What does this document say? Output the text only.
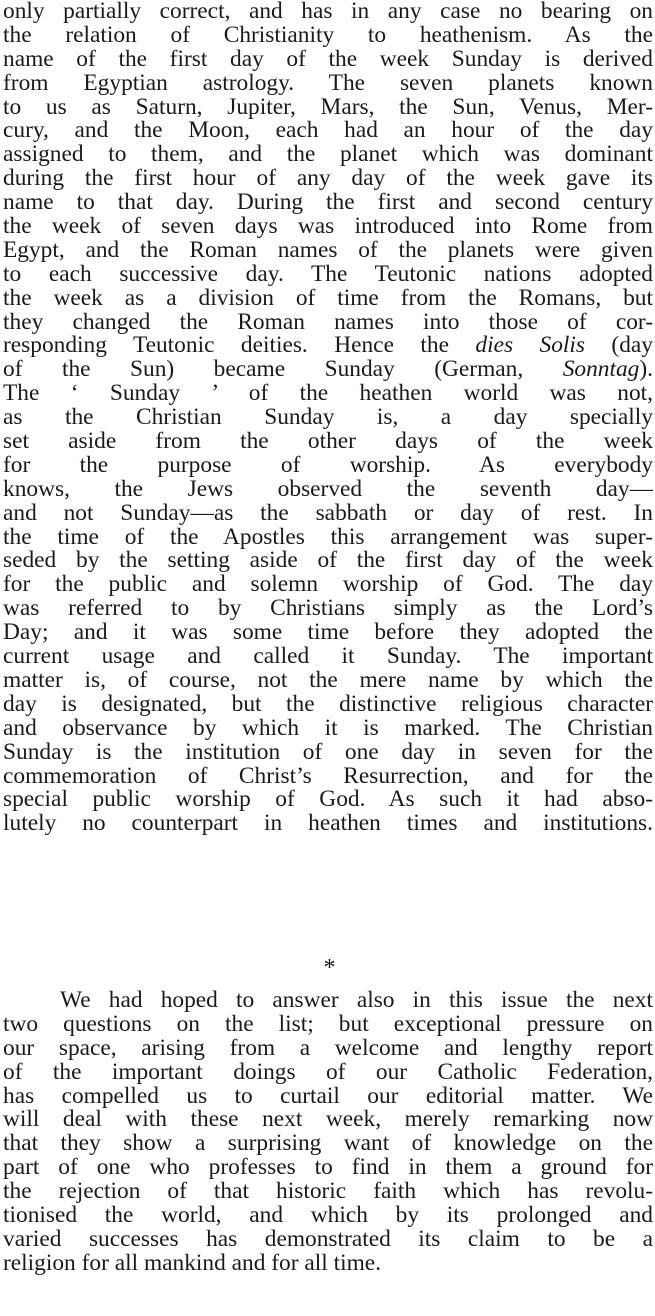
only partially correct, and has in any case no bearing on
the relation of Christianity to heathenism. As the
name of the first day of the week Sunday is derived
from Egyptian astrology. The seven planets known
to us as Saturn, Jupiter, Mars, the Sun, Venus, Mer-
cury, and the Moon, each had an hour of the day
assigned to them, and the planet which was dominant
during the first hour of any day of the week gave its
name to that day. During the first and second century
the week of seven days was introduced into Rome from
Egypt, and the Roman names of the planets were given
to each successive day. The Teutonic nations adopted
the week as a division of time from the Romans, but
they changed the Roman names into those of cor-
responding Teutonic deities. Hence the dies Solis (day
of the Sun) became Sunday (German, Sonntag).
The ‘ Sunday ’ of the heathen world was not,
as the Christian Sunday is, a day specially
set aside from the other days of the week
for the purpose of worship. As everybody
knows, the Jews observed the seventh day—
and not Sunday—as the sabbath or day of rest. In
the time of the Apostles this arrangement was super-
seded by the setting aside of the first day of the week
for the public and solemn worship of God. The day
was referred to by Christians simply as the Lord’s
Day; and it was some time before they adopted the
current usage and called it Sunday. The important
matter is, of course, not the mere name by which the
day is designated, but the distinctive religious character
and observance by which it is marked. The Christian
Sunday is the institution of one day in seven for the
commemoration of Christ’s Resurrection, and for the
special public worship of God. As such it had abso-
lutely no counterpart in heathen times and institutions.
*
We had hoped to answer also in this issue the next
two questions on the list; but exceptional pressure on
our space, arising from a welcome and lengthy report
of the important doings of our Catholic Federation,
has compelled us to curtail our editorial matter. We
will deal with these next week, merely remarking now
that they show a surprising want of knowledge on the
part of one who professes to find in them a ground for
the rejection of that historic faith which has revolu-
tionised the world, and which by its prolonged and
varied successes has demonstrated its claim to be a
religion for all mankind and for all time.
